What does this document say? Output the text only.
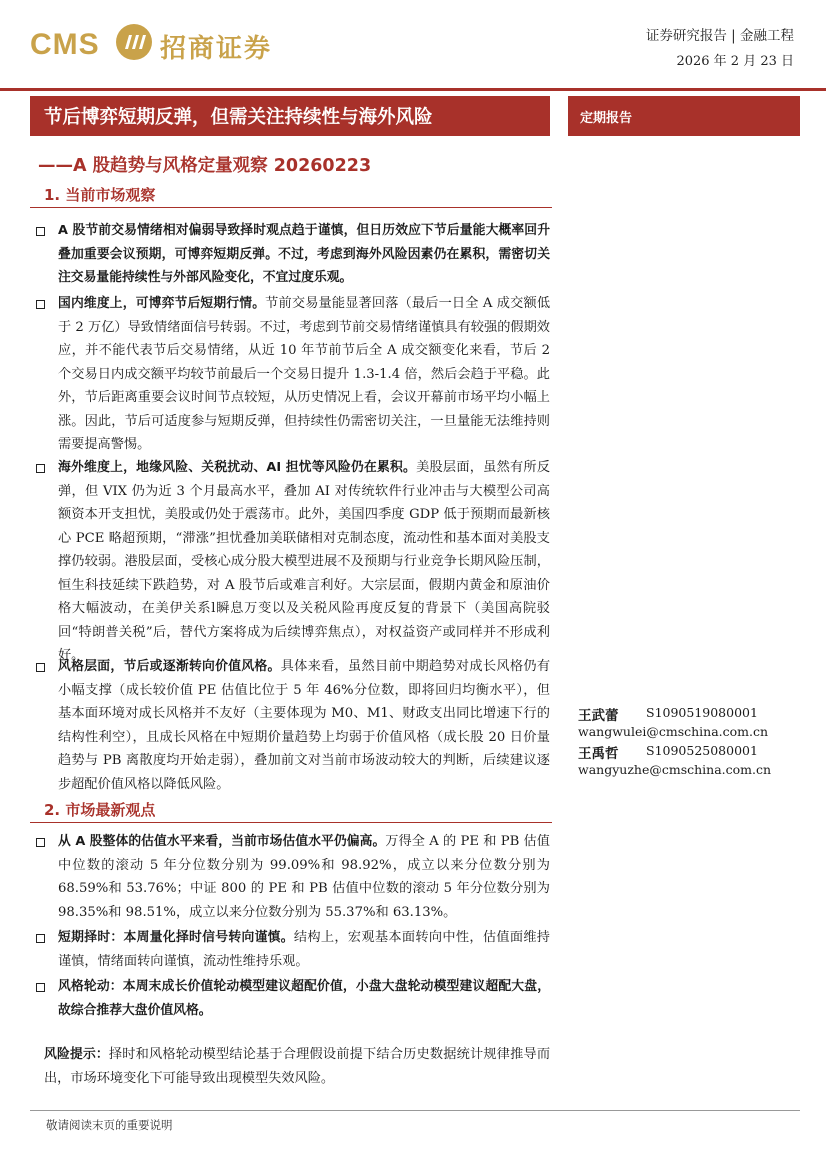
CMS 招商证券	证券研究报告 | 金融工程
2026 年 2 月 23 日
节后博弈短期反弹，但需关注持续性与海外风险	定期报告
——A 股趋势与风格定量观察 20260223
1. 当前市场观察

A 股节前交易情绪相对偏弱导致择时观点趋于谨慎，但日历效应下节后量能大概率回升叠加重要会议预期，可博弈短期反弹。不过，考虑到海外风险因素仍在累积，需密切关注交易量能持续性与外部风险变化，不宜过度乐观。

国内维度上，可博弈节后短期行情。节前交易量能显著回落（最后一日全 A 成交额低于 2 万亿）导致情绪面信号转弱。不过，考虑到节前交易情绪谨慎具有较强的假期效应，并不能代表节后交易情绪，从近 10 年节前节后全 A 成交额变化来看，节后 2 个交易日内成交额平均较节前最后一个交易日提升 1.3-1.4 倍，然后会趋于平稳。此外，节后距离重要会议时间节点较短，从历史情况上看，会议开幕前市场平均小幅上涨。因此，节后可适度参与短期反弹，但持续性仍需密切关注，一旦量能无法维持则需要提高警惕。

海外维度上，地缘风险、关税扰动、AI 担忧等风险仍在累积。美股层面，虽然有所反弹，但 VIX 仍为近 3 个月最高水平，叠加 AI 对传统软件行业冲击与大模型公司高额资本开支担忧，美股或仍处于震荡市。此外，美国四季度 GDP 低于预期而最新核心 PCE 略超预期，“滞涨”担忧叠加美联储相对克制态度，流动性和基本面对美股支撑仍较弱。港股层面，受核心成分股大模型进展不及预期与行业竞争长期风险压制，恒生科技延续下跌趋势，对 A 股节后或难言利好。大宗层面，假期内黄金和原油价格大幅波动，在美伊关系l瞬息万变以及关税风险再度反复的背景下（美国高院驳回“特朗普关税”后，替代方案将成为后续博弈焦点），对权益资产或同样并不形成利好。

风格层面，节后或逐渐转向价值风格。具体来看，虽然目前中期趋势对成长风格仍有小幅支撑（成长较价值 PE 估值比位于 5 年 46%分位数，即将回归均衡水平），但基本面环境对成长风格并不友好（主要体现为 M0、M1、财政支出同比增速下行的结构性利空），且成长风格在中短期价量趋势上均弱于价值风格（成长股 20 日价量趋势与 PB 离散度均开始走弱），叠加前文对当前市场波动较大的判断，后续建议逐步超配价值风格以降低风险。

2. 市场最新观点

从 A 股整体的估值水平来看，当前市场估值水平仍偏高。万得全 A 的 PE 和 PB 估值中位数的滚动 5 年分位数分别为 99.09%和 98.92%，成立以来分位数分别为 68.59%和 53.76%；中证 800 的 PE 和 PB 估值中位数的滚动 5 年分位数分别为 98.35%和 98.51%，成立以来分位数分别为 55.37%和 63.13%。

短期择时：本周量化择时信号转向谨慎。结构上，宏观基本面转向中性，估值面维持谨慎，情绪面转向谨慎，流动性维持乐观。

风格轮动：本周末成长价值轮动模型建议超配价值，小盘大盘轮动模型建议超配大盘，故综合推荐大盘价值风格。

风险提示：择时和风格轮动模型结论基于合理假设前提下结合历史数据统计规律推导而出，市场环境变化下可能导致出现模型失效风险。

王武蕾 S1090519080001
wangwulei@cmschina.com.cn
王禹哲 S1090525080001
wangyuzhe@cmschina.com.cn
敬请阅读末页的重要说明
